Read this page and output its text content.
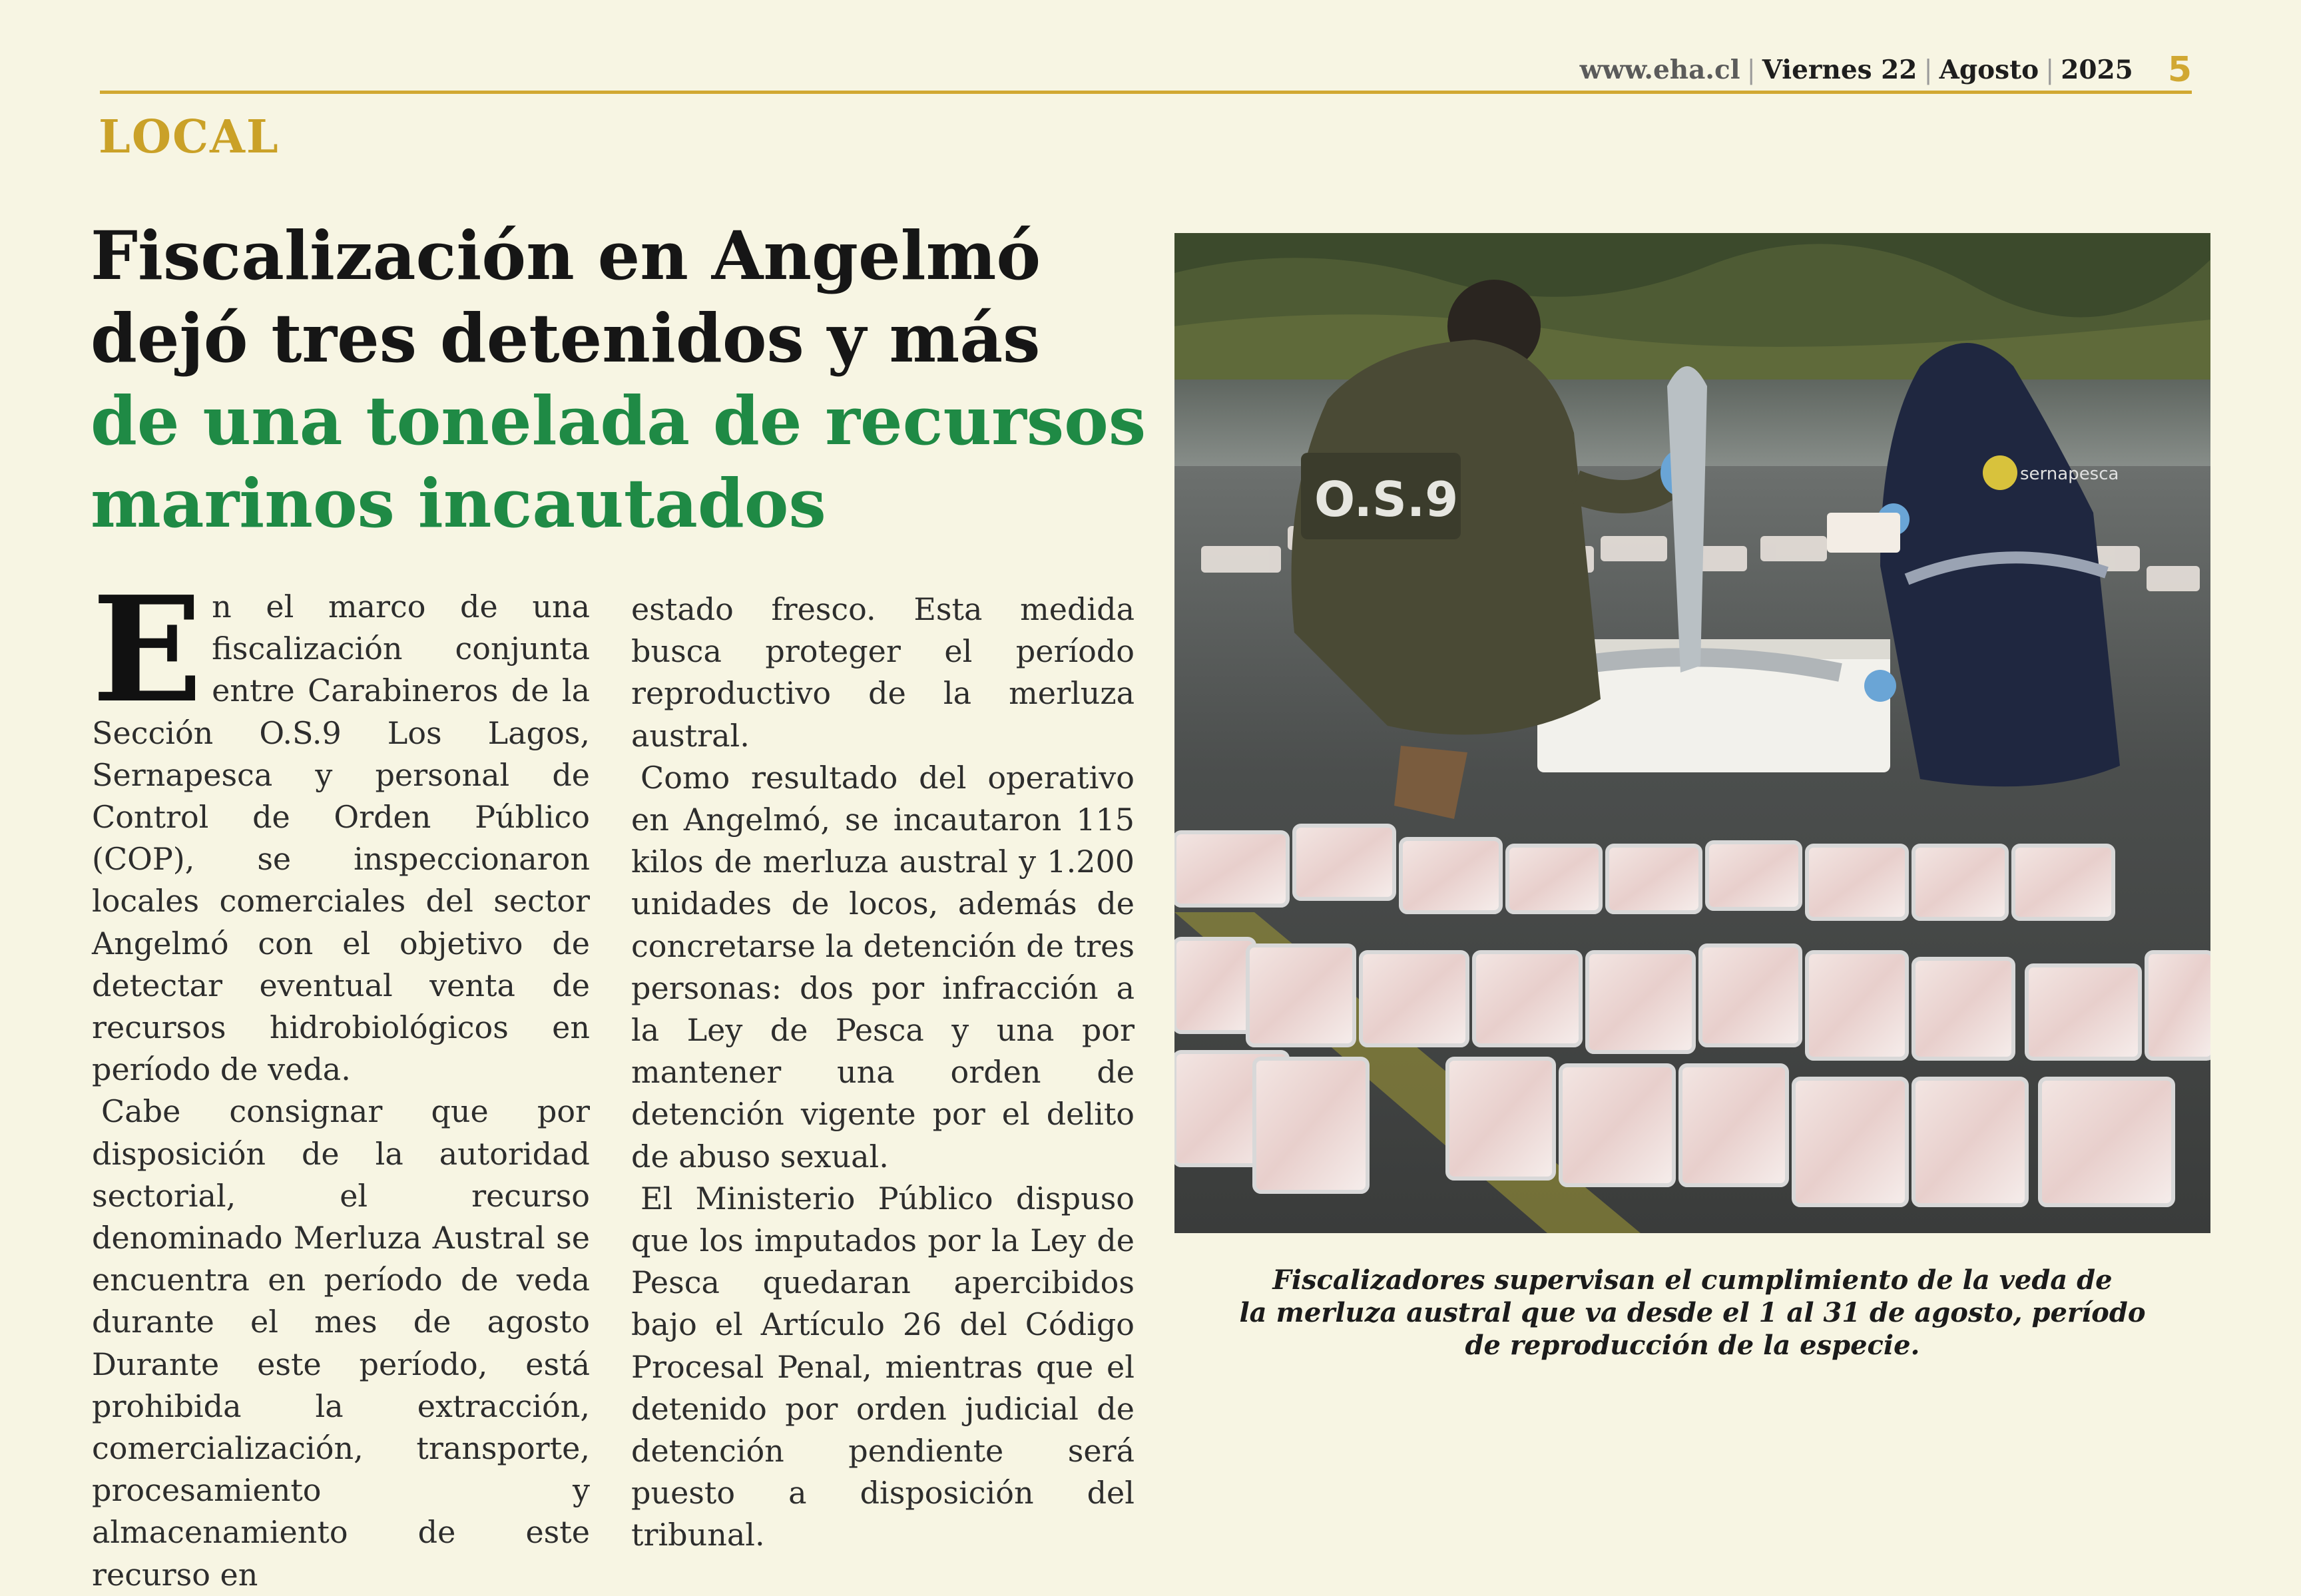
www.eha.cl | Viernes 22 | Agosto | 2025 5
LOCAL
Fiscalización en Angelmó
dejó tres detenidos y más
de una tonelada de recursos
marinos incautados

E n el marco de una fiscalización conjunta entre Carabineros de la Sección O.S.9 Los Lagos, Sernapesca y personal de Control de Orden Público (COP), se inspeccionaron locales comerciales del sector Angelmó con el objetivo de detectar eventual venta de recursos hidrobiológicos en período de veda.

Cabe consignar que por disposición de la autoridad sectorial, el recurso denominado Merluza Austral se encuentra en período de veda durante el mes de agosto Durante este período, está prohibida la extracción, comercialización, transporte, procesamiento y almacenamiento de este recurso en

estado fresco. Esta medida busca proteger el período reproductivo de la merluza austral.

Como resultado del operativo en Angelmó, se incautaron 115 kilos de merluza austral y 1.200 unidades de locos, además de concretarse la detención de tres personas: dos por infracción a la Ley de Pesca y una por mantener una orden de detención vigente por el delito de abuso sexual.

El Ministerio Público dispuso que los imputados por la Ley de Pesca quedaran apercibidos bajo el Artículo 26 del Código Procesal Penal, mientras que el detenido por orden judicial de detención pendiente será puesto a disposición del tribunal.

O.S.9	sernapesca
Fiscalizadores supervisan el cumplimiento de la veda de
la merluza austral que va desde el 1 al 31 de agosto, período
de reproducción de la especie.
